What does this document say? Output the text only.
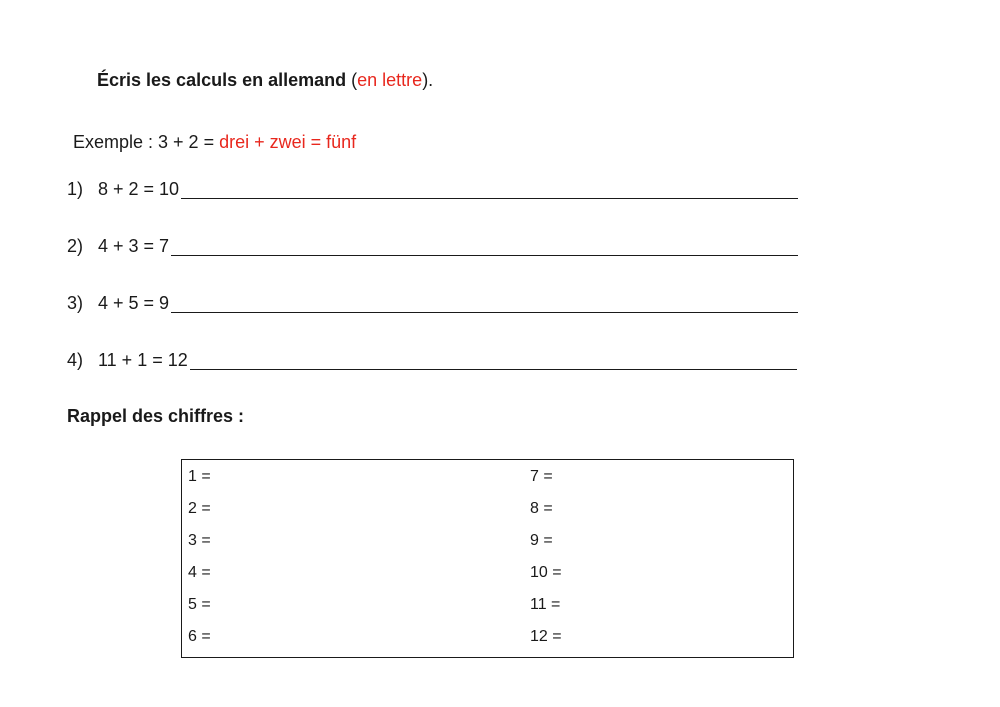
Écris les calculs en allemand (en lettre).
Exemple : 3 + 2 = drei + zwei = fünf
1) 8 + 2 = 10
2) 4 + 3 = 7
3) 4 + 5 = 9
4) 11 + 1 = 12
Rappel des chiffres :
1 =
2 =
3 =
4 =
5 =
6 =
7 =
8 =
9 =
10 =
11 =
12 =
